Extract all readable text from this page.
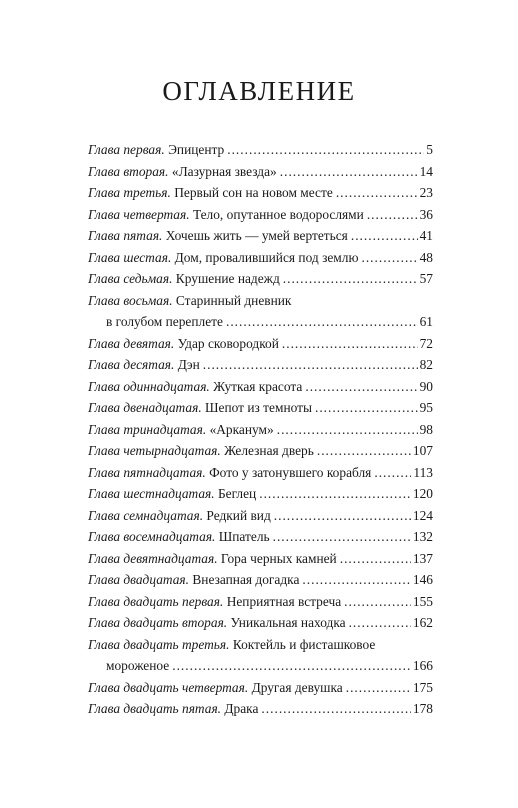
ОГЛАВЛЕНИЕ
Глава первая. Эпицентр .....	5
Глава вторая. «Лазурная звезда» .....	14
Глава третья. Первый сон на новом месте .....	23
Глава четвертая. Тело, опутанное водорослями .....	36
Глава пятая. Хочешь жить — умей вертеться .....	41
Глава шестая. Дом, провалившийся под землю .....	48
Глава седьмая. Крушение надежд .....	57
Глава восьмая. Старинный дневник
в голубом переплете .....	61
Глава девятая. Удар сковородкой .....	72
Глава десятая. Дэн .....	82
Глава одиннадцатая. Жуткая красота .....	90
Глава двенадцатая. Шепот из темноты .....	95
Глава тринадцатая. «Арканум» .....	98
Глава четырнадцатая. Железная дверь .....	107
Глава пятнадцатая. Фото у затонувшего корабля .....	113
Глава шестнадцатая. Беглец .....	120
Глава семнадцатая. Редкий вид .....	124
Глава восемнадцатая. Шпатель .....	132
Глава девятнадцатая. Гора черных камней .....	137
Глава двадцатая. Внезапная догадка .....	146
Глава двадцать первая. Неприятная встреча .....	155
Глава двадцать вторая. Уникальная находка .....	162
Глава двадцать третья. Коктейль и фисташковое
мороженое .....	166
Глава двадцать четвертая. Другая девушка .....	175
Глава двадцать пятая. Драка .....	178
